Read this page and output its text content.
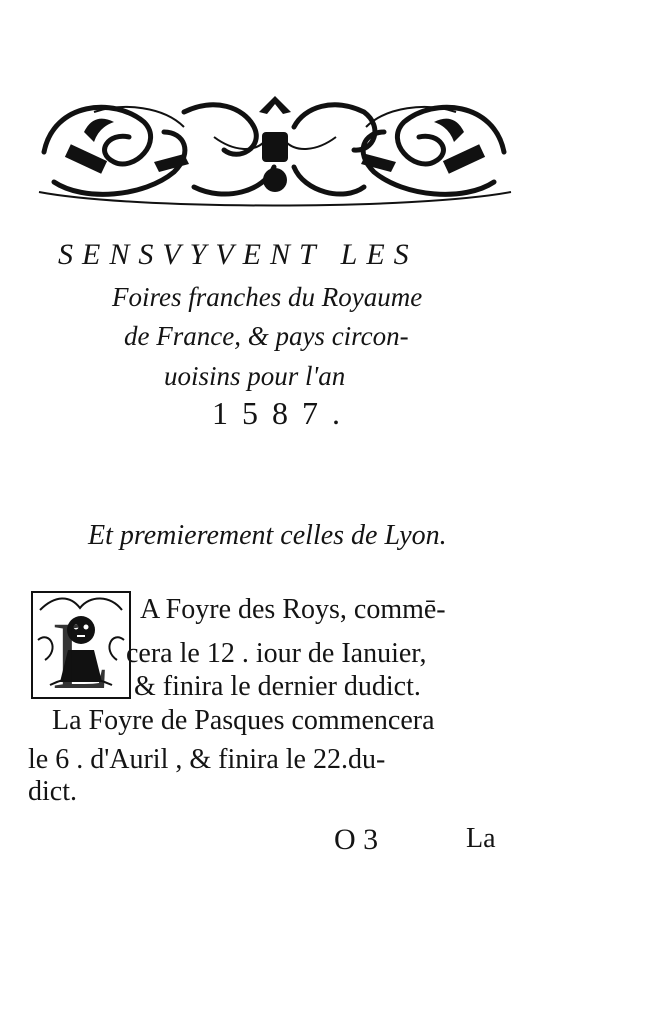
SENSVYVENT LES
Foires franches du Royaume
de France, & pays circon-
uoisins pour l'an
1587.
Et premierement celles de Lyon.
L A Foyre des Roys, commē-
cera le 12 . iour de Ianuier,
& finira le dernier dudict.
La Foyre de Pasques commencera
le 6 . d'Auril , & finira le 22.du-
dict.
O 3	La
